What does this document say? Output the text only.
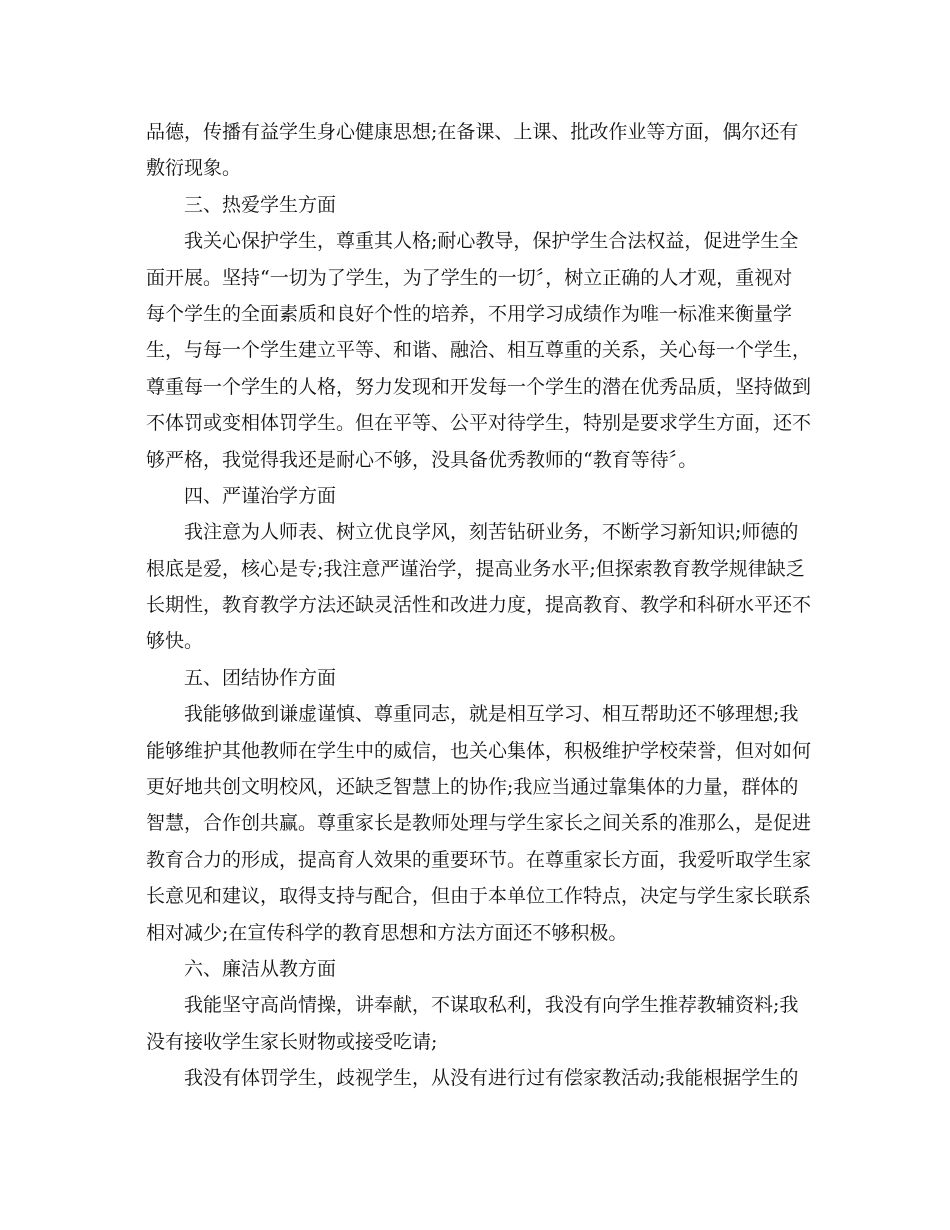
品德，传播有益学生身心健康思想;在备课、上课、批改作业等方面，偶尔还有
敷衍现象。
三、热爱学生方面
我关心保护学生，尊重其人格;耐心教导，保护学生合法权益，促进学生全
面开展。坚持“一切为了学生，为了学生的一切〞，树立正确的人才观，重视对
每个学生的全面素质和良好个性的培养，不用学习成绩作为唯一标准来衡量学
生，与每一个学生建立平等、和谐、融洽、相互尊重的关系，关心每一个学生，
尊重每一个学生的人格，努力发现和开发每一个学生的潜在优秀品质，坚持做到
不体罚或变相体罚学生。但在平等、公平对待学生，特别是要求学生方面，还不
够严格，我觉得我还是耐心不够，没具备优秀教师的“教育等待〞。
四、严谨治学方面
我注意为人师表、树立优良学风，刻苦钻研业务，不断学习新知识;师德的
根底是爱，核心是专;我注意严谨治学，提高业务水平;但探索教育教学规律缺乏
长期性，教育教学方法还缺灵活性和改进力度，提高教育、教学和科研水平还不
够快。
五、团结协作方面
我能够做到谦虚谨慎、尊重同志，就是相互学习、相互帮助还不够理想;我
能够维护其他教师在学生中的威信，也关心集体，积极维护学校荣誉，但对如何
更好地共创文明校风，还缺乏智慧上的协作;我应当通过靠集体的力量，群体的
智慧，合作创共赢。尊重家长是教师处理与学生家长之间关系的准那么，是促进
教育合力的形成，提高育人效果的重要环节。在尊重家长方面，我爱听取学生家
长意见和建议，取得支持与配合，但由于本单位工作特点，决定与学生家长联系
相对减少;在宣传科学的教育思想和方法方面还不够积极。
六、廉洁从教方面
我能坚守高尚情操，讲奉献，不谋取私利，我没有向学生推荐教辅资料;我
没有接收学生家长财物或接受吃请;
我没有体罚学生，歧视学生，从没有进行过有偿家教活动;我能根据学生的
